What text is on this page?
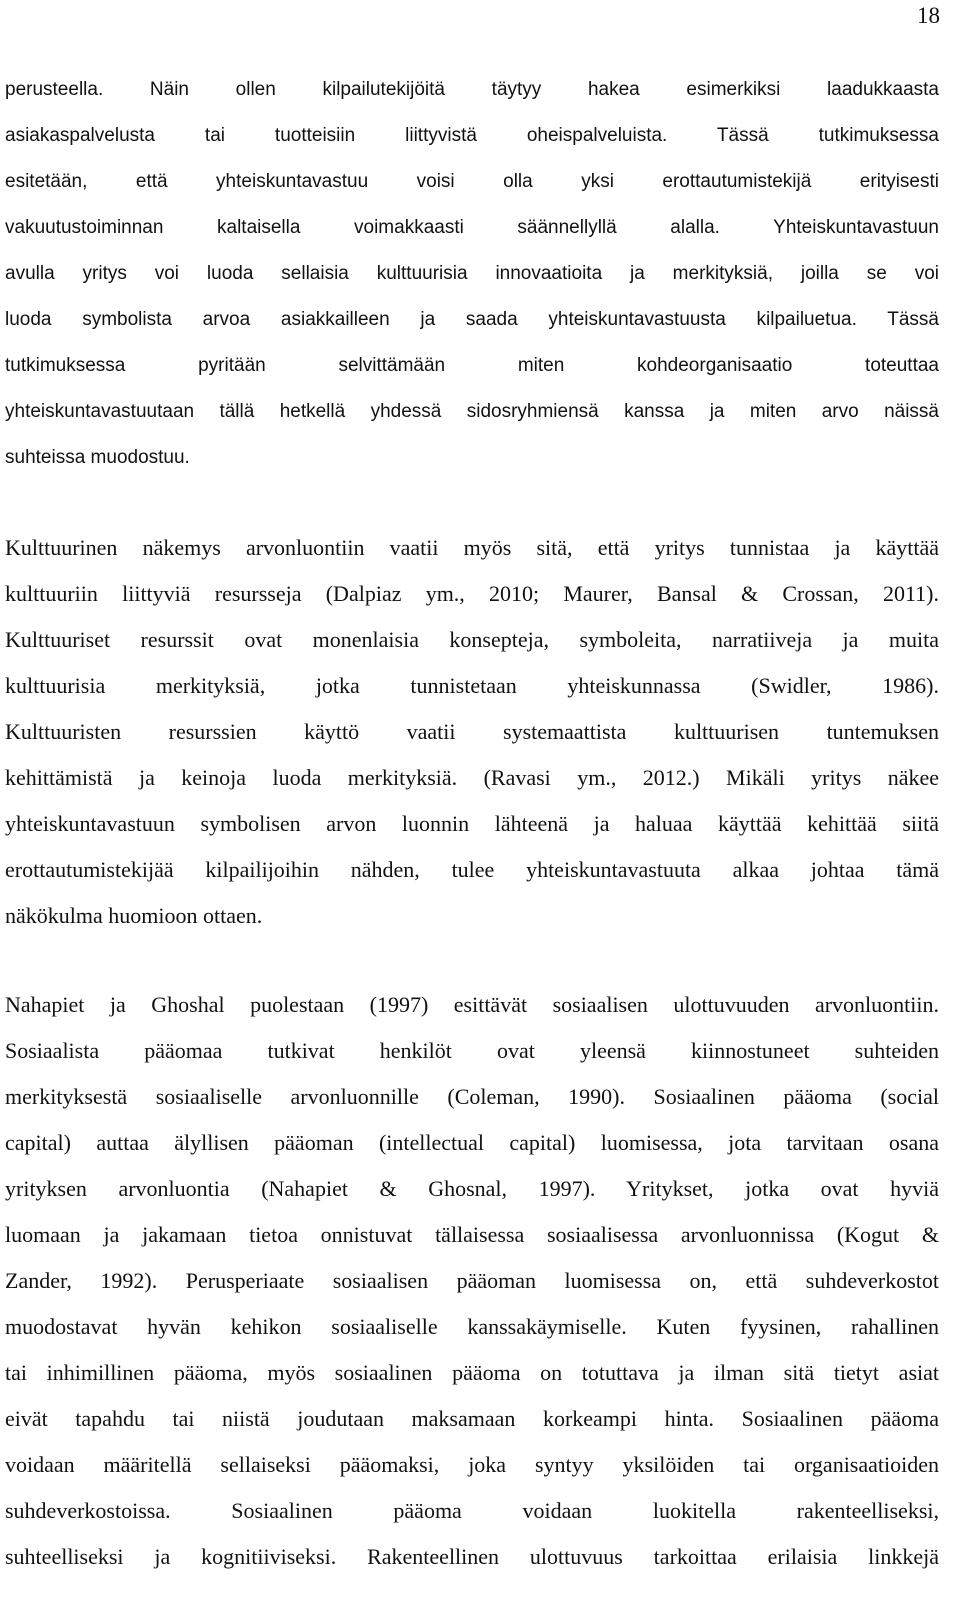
18
perusteella. Näin ollen kilpailutekijöitä täytyy hakea esimerkiksi laadukkaasta
asiakaspalvelusta tai tuotteisiin liittyvistä oheispalveluista. Tässä tutkimuksessa
esitetään, että yhteiskuntavastuu voisi olla yksi erottautumistekijä erityisesti
vakuutustoiminnan kaltaisella voimakkaasti säännellyllä alalla. Yhteiskuntavastuun
avulla yritys voi luoda sellaisia kulttuurisia innovaatioita ja merkityksiä, joilla se voi
luoda symbolista arvoa asiakkailleen ja saada yhteiskuntavastuusta kilpailuetua. Tässä
tutkimuksessa pyritään selvittämään miten kohdeorganisaatio toteuttaa
yhteiskuntavastuutaan tällä hetkellä yhdessä sidosryhmiensä kanssa ja miten arvo näissä
suhteissa muodostuu.
Kulttuurinen näkemys arvonluontiin vaatii myös sitä, että yritys tunnistaa ja käyttää
kulttuuriin liittyviä resursseja (Dalpiaz ym., 2010; Maurer, Bansal & Crossan, 2011).
Kulttuuriset resurssit ovat monenlaisia konsepteja, symboleita, narratiiveja ja muita
kulttuurisia merkityksiä, jotka tunnistetaan yhteiskunnassa (Swidler, 1986).
Kulttuuristen resurssien käyttö vaatii systemaattista kulttuurisen tuntemuksen
kehittämistä ja keinoja luoda merkityksiä. (Ravasi ym., 2012.) Mikäli yritys näkee
yhteiskuntavastuun symbolisen arvon luonnin lähteenä ja haluaa käyttää kehittää siitä
erottautumistekijää kilpailijoihin nähden, tulee yhteiskuntavastuuta alkaa johtaa tämä
näkökulma huomioon ottaen.
Nahapiet ja Ghoshal puolestaan (1997) esittävät sosiaalisen ulottuvuuden arvonluontiin.
Sosiaalista pääomaa tutkivat henkilöt ovat yleensä kiinnostuneet suhteiden
merkityksestä sosiaaliselle arvonluonnille (Coleman, 1990). Sosiaalinen pääoma (social
capital) auttaa älyllisen pääoman (intellectual capital) luomisessa, jota tarvitaan osana
yrityksen arvonluontia (Nahapiet & Ghosnal, 1997). Yritykset, jotka ovat hyviä
luomaan ja jakamaan tietoa onnistuvat tällaisessa sosiaalisessa arvonluonnissa (Kogut &
Zander, 1992). Perusperiaate sosiaalisen pääoman luomisessa on, että suhdeverkostot
muodostavat hyvän kehikon sosiaaliselle kanssakäymiselle. Kuten fyysinen, rahallinen
tai inhimillinen pääoma, myös sosiaalinen pääoma on totuttava ja ilman sitä tietyt asiat
eivät tapahdu tai niistä joudutaan maksamaan korkeampi hinta. Sosiaalinen pääoma
voidaan määritellä sellaiseksi pääomaksi, joka syntyy yksilöiden tai organisaatioiden
suhdeverkostoissa. Sosiaalinen pääoma voidaan luokitella rakenteelliseksi,
suhteelliseksi ja kognitiiviseksi. Rakenteellinen ulottuvuus tarkoittaa erilaisia linkkejä
